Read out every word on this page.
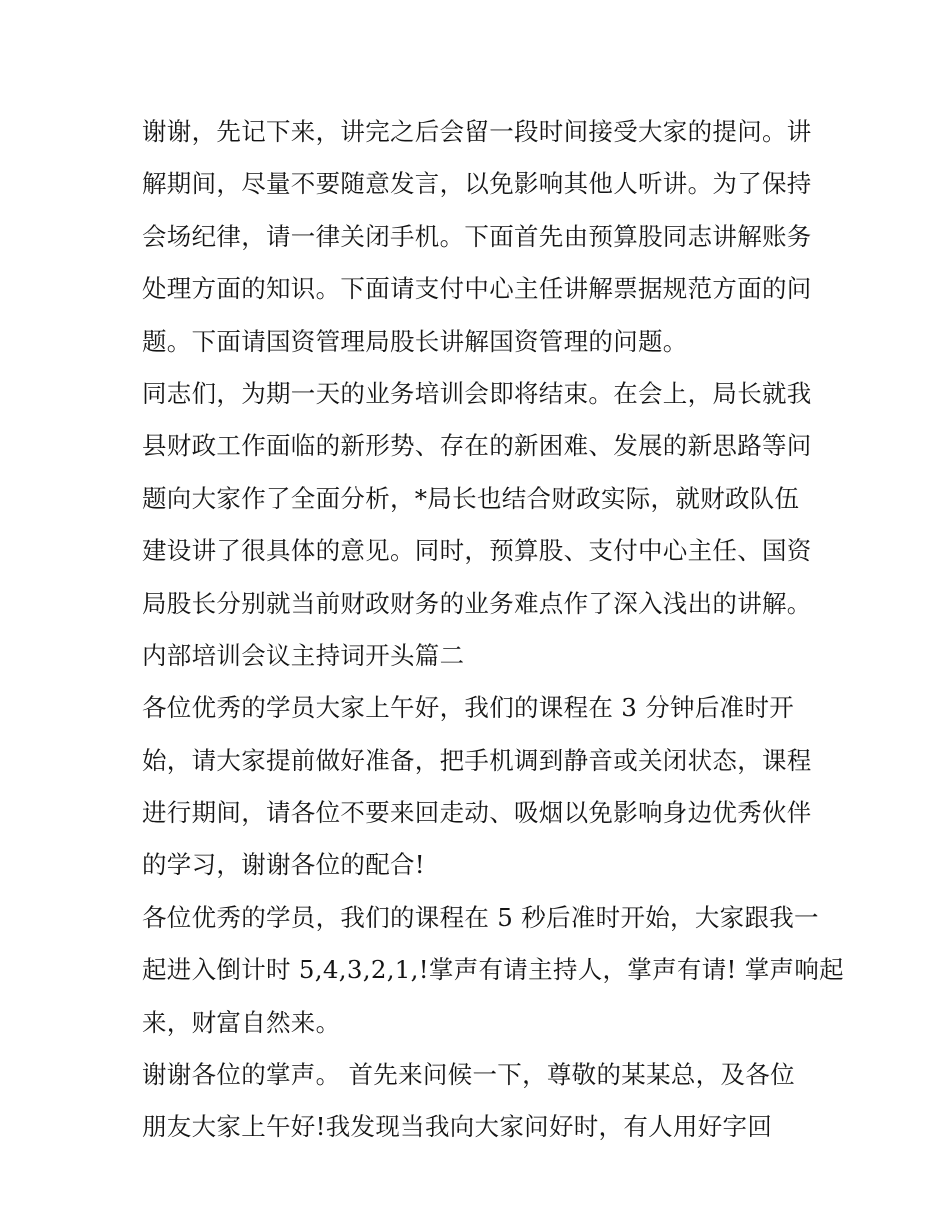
谢谢，先记下来，讲完之后会留一段时间接受大家的提问。讲
解期间，尽量不要随意发言，以免影响其他人听讲。为了保持
会场纪律，请一律关闭手机。下面首先由预算股同志讲解账务
处理方面的知识。下面请支付中心主任讲解票据规范方面的问
题。下面请国资管理局股长讲解国资管理的问题。
同志们，为期一天的业务培训会即将结束。在会上，局长就我
县财政工作面临的新形势、存在的新困难、发展的新思路等问
题向大家作了全面分析，*局长也结合财政实际，就财政队伍
建设讲了很具体的意见。同时，预算股、支付中心主任、国资
局股长分别就当前财政财务的业务难点作了深入浅出的讲解。
内部培训会议主持词开头篇二
各位优秀的学员大家上午好，我们的课程在 3 分钟后准时开
始，请大家提前做好准备，把手机调到静音或关闭状态，课程
进行期间，请各位不要来回走动、吸烟以免影响身边优秀伙伴
的学习，谢谢各位的配合!
各位优秀的学员，我们的课程在 5 秒后准时开始，大家跟我一
起进入倒计时 5,4,3,2,1,!掌声有请主持人，掌声有请! 掌声响起
来，财富自然来。
谢谢各位的掌声。 首先来问候一下，尊敬的某某总，及各位
朋友大家上午好!我发现当我向大家问好时，有人用好字回
